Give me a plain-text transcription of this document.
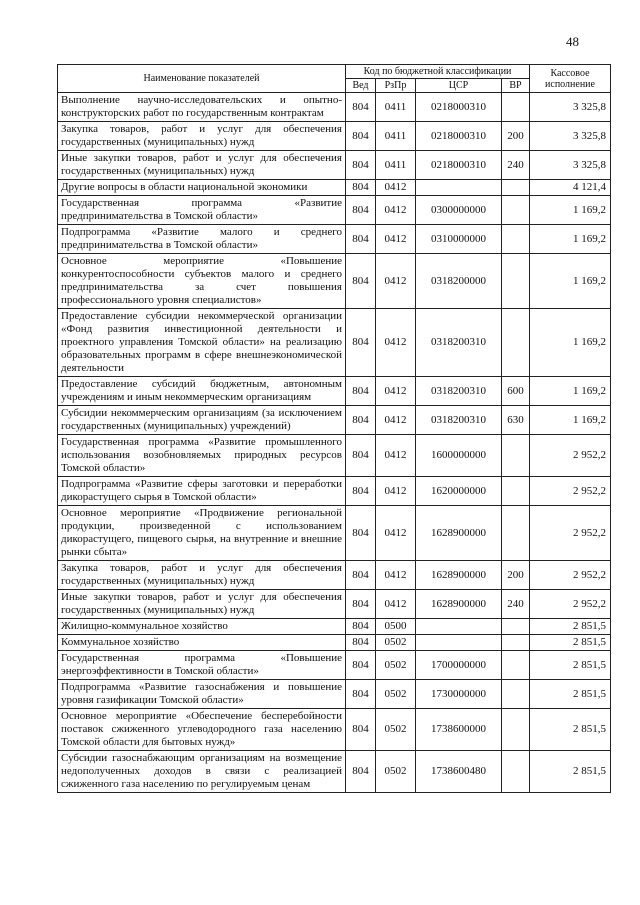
48
Наименование показателей	Код по бюджетной классификации				Кассовое исполнение
	Вед	РзПр	ЦСР	ВР	
Выполнение научно-исследовательских и опытно-конструкторских работ по государственным контрактам	804	0411	0218000310		3 325,8
Закупка товаров, работ и услуг для обеспечения государственных (муниципальных) нужд	804	0411	0218000310	200	3 325,8
Иные закупки товаров, работ и услуг для обеспечения государственных (муниципальных) нужд	804	0411	0218000310	240	3 325,8
Другие вопросы в области национальной экономики	804	0412			4 121,4
Государственная программа «Развитие предпринимательства в Томской области»	804	0412	0300000000		1 169,2
Подпрограмма «Развитие малого и среднего предпринимательства в Томской области»	804	0412	0310000000		1 169,2
Основное мероприятие «Повышение конкурентоспособности субъектов малого и среднего предпринимательства за счет повышения профессионального уровня специалистов»	804	0412	0318200000		1 169,2
Предоставление субсидии некоммерческой организации «Фонд развития инвестиционной деятельности и проектного управления Томской области» на реализацию образовательных программ в сфере внешнеэкономической деятельности	804	0412	0318200310		1 169,2
Предоставление субсидий бюджетным, автономным учреждениям и иным некоммерческим организациям	804	0412	0318200310	600	1 169,2
Субсидии некоммерческим организациям (за исключением государственных (муниципальных) учреждений)	804	0412	0318200310	630	1 169,2
Государственная программа «Развитие промышленного использования возобновляемых природных ресурсов Томской области»	804	0412	1600000000		2 952,2
Подпрограмма «Развитие сферы заготовки и переработки дикорастущего сырья в Томской области»	804	0412	1620000000		2 952,2
Основное мероприятие «Продвижение региональной продукции, произведенной с использованием дикорастущего, пищевого сырья, на внутренние и внешние рынки сбыта»	804	0412	1628900000		2 952,2
Закупка товаров, работ и услуг для обеспечения государственных (муниципальных) нужд	804	0412	1628900000	200	2 952,2
Иные закупки товаров, работ и услуг для обеспечения государственных (муниципальных) нужд	804	0412	1628900000	240	2 952,2
Жилищно-коммунальное хозяйство	804	0500			2 851,5
Коммунальное хозяйство	804	0502			2 851,5
Государственная программа «Повышение энергоэффективности в Томской области»	804	0502	1700000000		2 851,5
Подпрограмма «Развитие газоснабжения и повышение уровня газификации Томской области»	804	0502	1730000000		2 851,5
Основное мероприятие «Обеспечение бесперебойности поставок сжиженного углеводородного газа населению Томской области для бытовых нужд»	804	0502	1738600000		2 851,5
Субсидии газоснабжающим организациям на возмещение недополученных доходов в связи с реализацией сжиженного газа населению по регулируемым ценам	804	0502	1738600480		2 851,5
